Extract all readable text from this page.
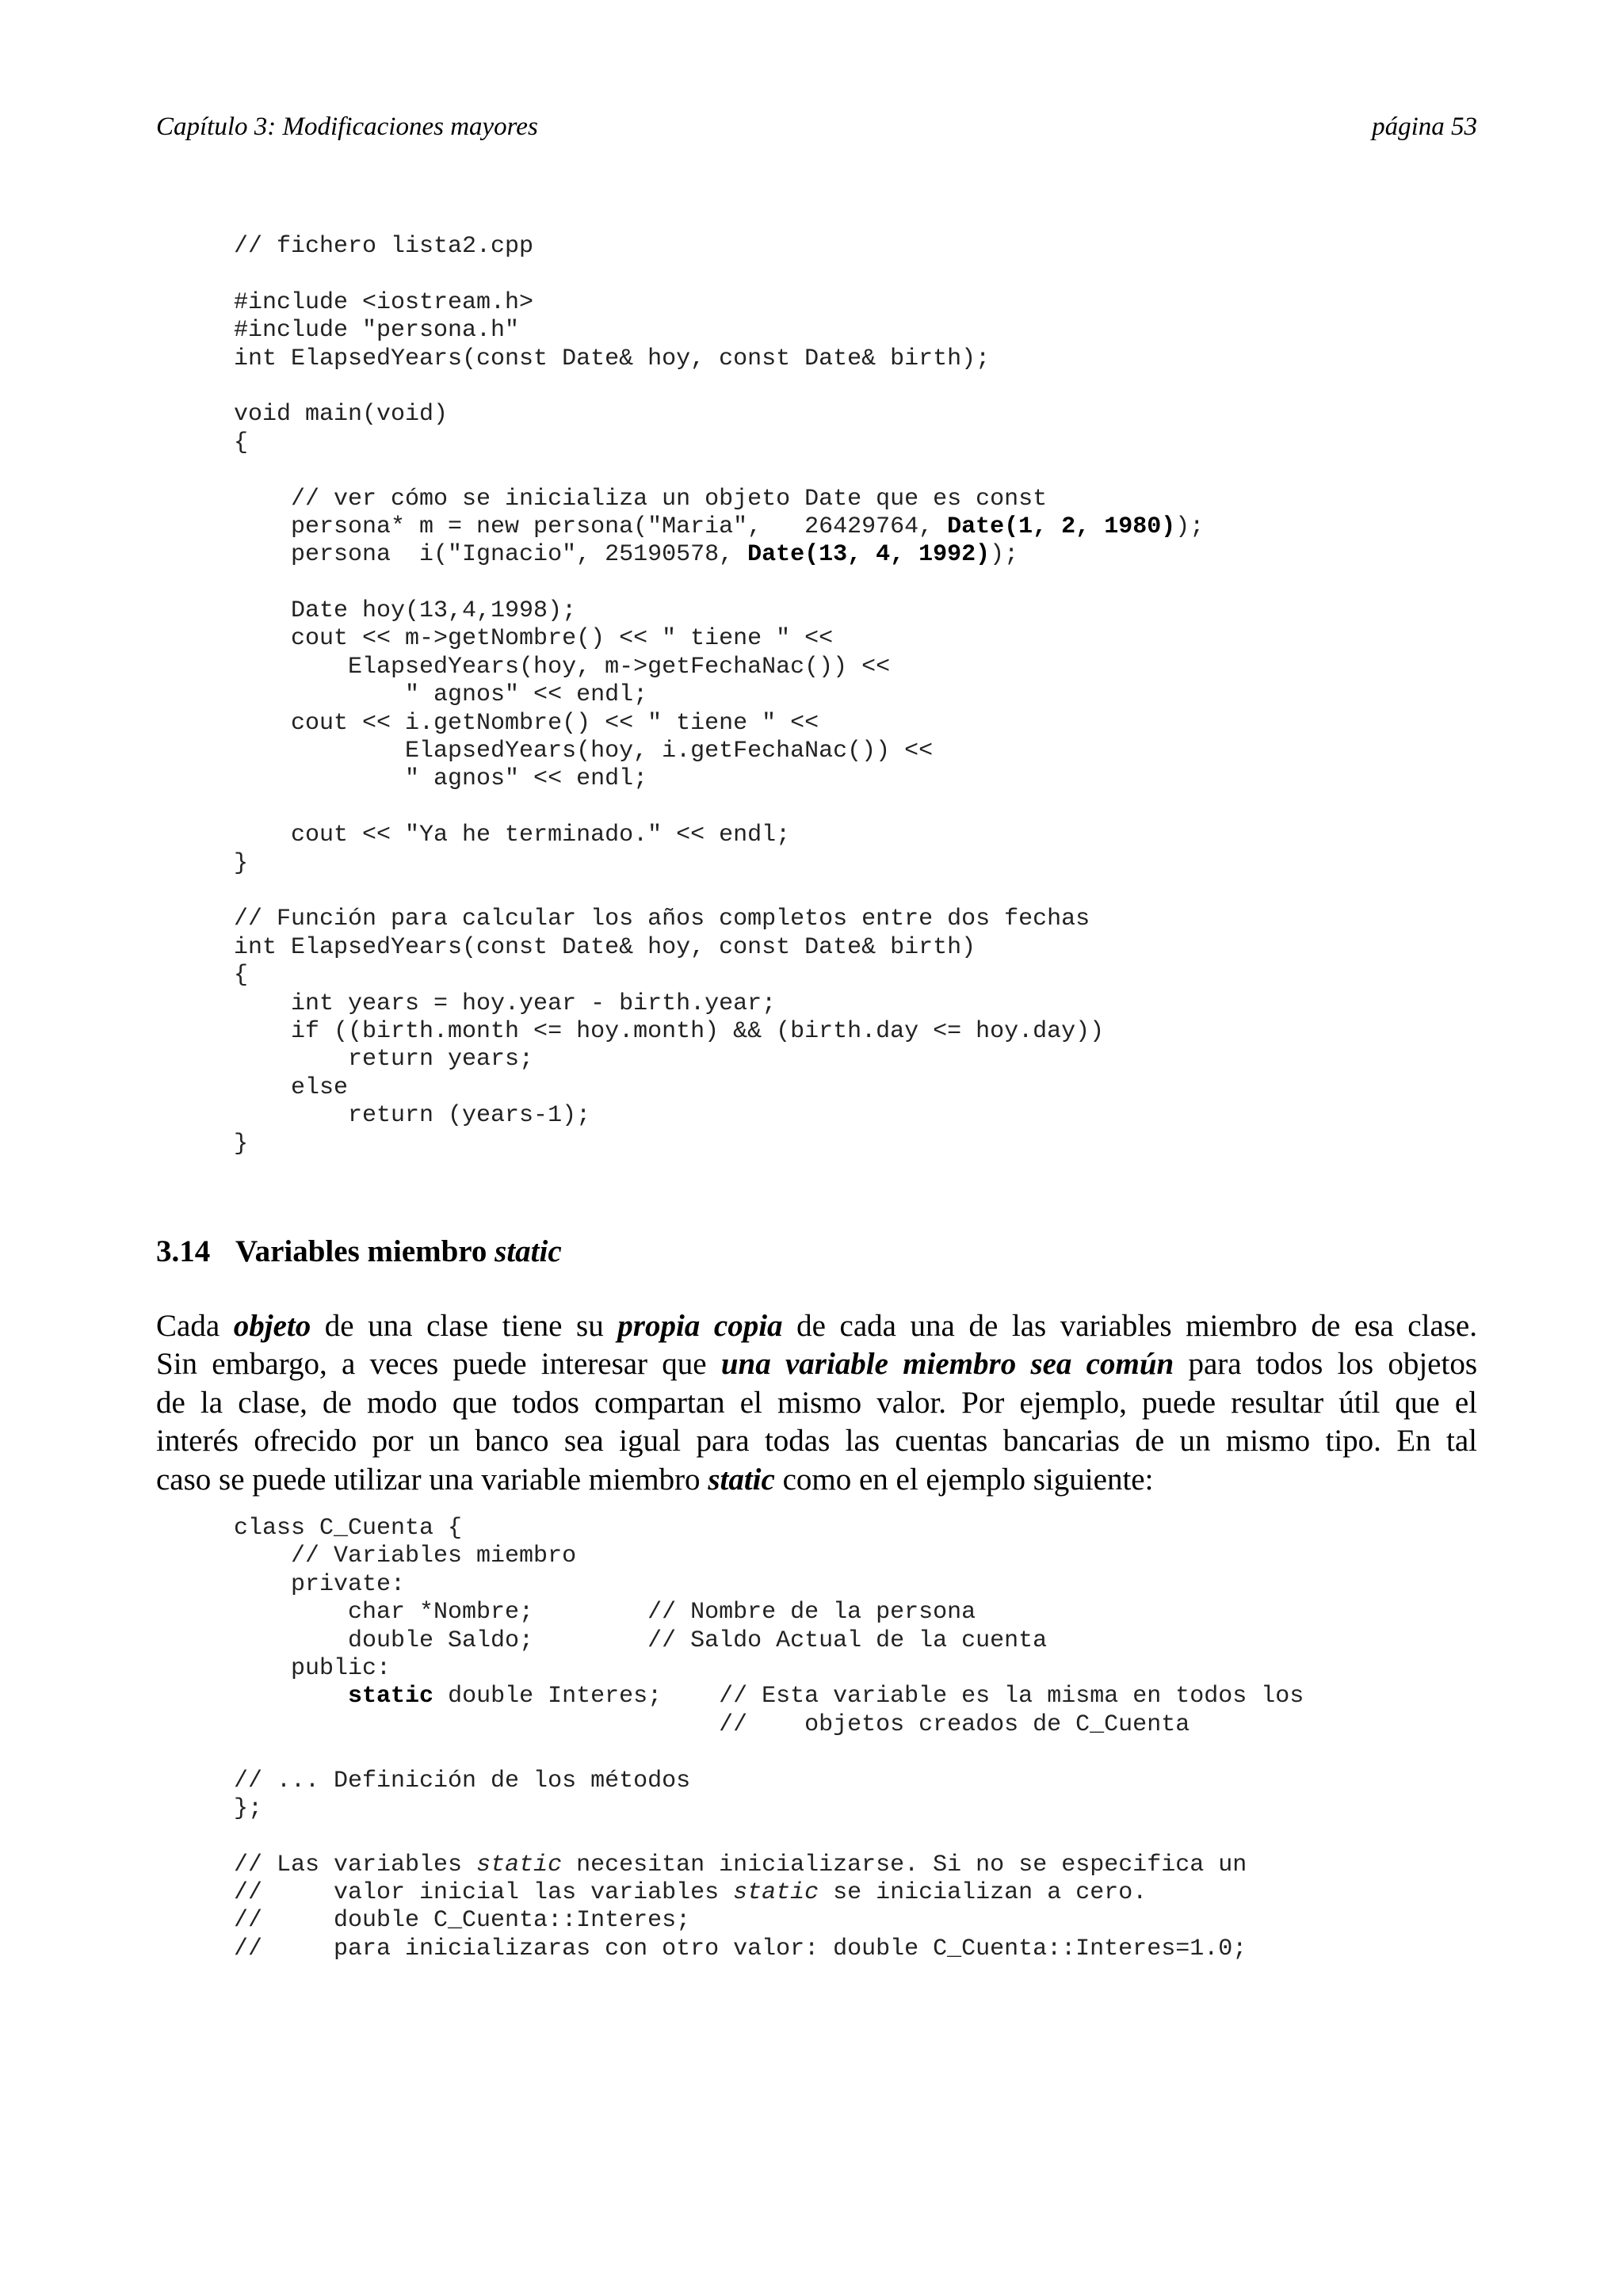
Capítulo 3: Modificaciones mayores	página 53
// fichero lista2.cpp
#include <iostream.h>
#include "persona.h"
int ElapsedYears(const Date& hoy, const Date& birth);
void main(void)
{
// ver cómo se inicializa un objeto Date que es const
persona* m = new persona("Maria",   26429764, Date(1, 2, 1980));
persona  i("Ignacio", 25190578, Date(13, 4, 1992));
Date hoy(13,4,1998);
cout << m->getNombre() << " tiene " <<
ElapsedYears(hoy, m->getFechaNac()) <<
" agnos" << endl;
cout << i.getNombre() << " tiene " <<
ElapsedYears(hoy, i.getFechaNac()) <<
" agnos" << endl;
cout << "Ya he terminado." << endl;
}
// Función para calcular los años completos entre dos fechas
int ElapsedYears(const Date& hoy, const Date& birth)
{
int years = hoy.year - birth.year;
if ((birth.month <= hoy.month) && (birth.day <= hoy.day))
return years;
else
return (years-1);
}
3.14 Variables miembro static
Cada objeto de una clase tiene su propia copia de cada una de las variables miembro de esa clase.
Sin embargo, a veces puede interesar que una variable miembro sea común para todos los objetos
de la clase, de modo que todos compartan el mismo valor. Por ejemplo, puede resultar útil que el
interés ofrecido por un banco sea igual para todas las cuentas bancarias de un mismo tipo. En tal
caso se puede utilizar una variable miembro static como en el ejemplo siguiente:
class C_Cuenta {
// Variables miembro
private:
char *Nombre;        // Nombre de la persona
double Saldo;        // Saldo Actual de la cuenta
public:
static double Interes;    // Esta variable es la misma en todos los
//    objetos creados de C_Cuenta
// ... Definición de los métodos
};
// Las variables static necesitan inicializarse. Si no se especifica un
//     valor inicial las variables static se inicializan a cero.
//     double C_Cuenta::Interes;
//     para inicializaras con otro valor: double C_Cuenta::Interes=1.0;
